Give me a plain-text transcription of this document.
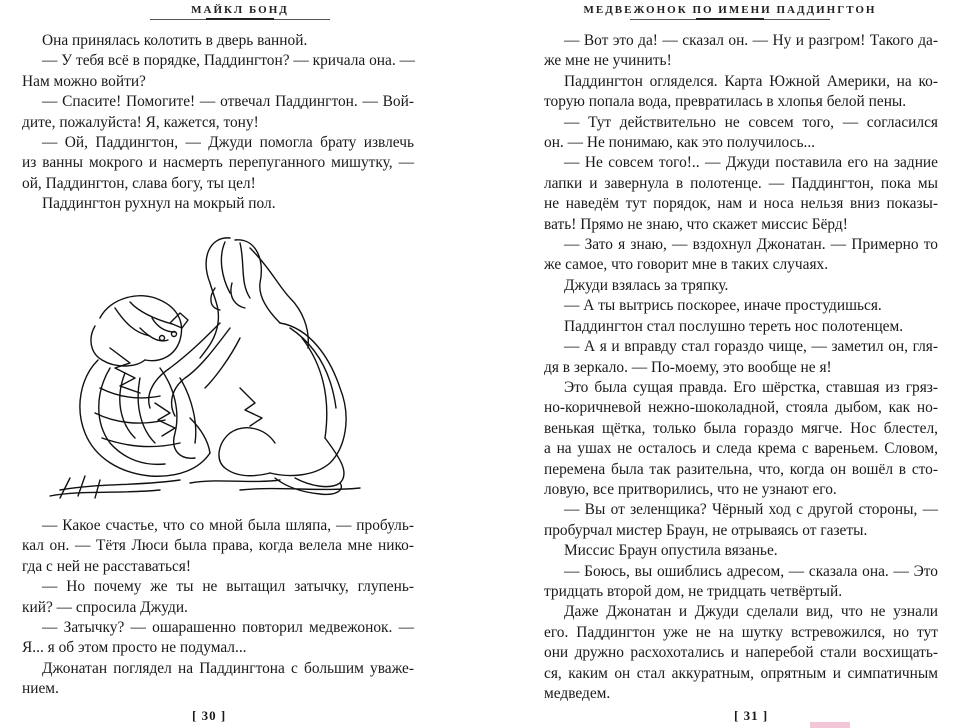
МАЙКЛ БОНД
Она принялась колотить в дверь ванной.
— У тебя всё в порядке, Паддингтон? — кричала она. —
Нам можно войти?
— Спасите! Помогите! — отвечал Паддингтон. — Вой-
дите, пожалуйста! Я, кажется, тону!
— Ой, Паддингтон, — Джуди помогла брату извлечь
из ванны мокрого и насмерть перепуганного мишутку, —
ой, Паддингтон, слава богу, ты цел!
Паддингтон рухнул на мокрый пол.
— Какое счастье, что со мной была шляпа, — пробуль-
кал он. — Тётя Люси была права, когда велела мне нико-
гда с ней не расставаться!
— Но почему же ты не вытащил затычку, глупень-
кий? — спросила Джуди.
— Затычку? — ошарашенно повторил медвежонок. —
Я... я об этом просто не подумал...
Джонатан поглядел на Паддингтона с большим уваже-
нием.
[ 30 ]
МЕДВЕЖОНОК ПО ИМЕНИ ПАДДИНГТОН
— Вот это да! — сказал он. — Ну и разгром! Такого да-
же мне не учинить!
Паддингтон огляделся. Карта Южной Америки, на ко-
торую попала вода, превратилась в хлопья белой пены.
— Тут действительно не совсем того, — согласился
он. — Не понимаю, как это получилось...
— Не совсем того!.. — Джуди поставила его на задние
лапки и завернула в полотенце. — Паддингтон, пока мы
не наведём тут порядок, нам и носа нельзя вниз показы-
вать! Прямо не знаю, что скажет миссис Бёрд!
— Зато я знаю, — вздохнул Джонатан. — Примерно то
же самое, что говорит мне в таких случаях.
Джуди взялась за тряпку.
— А ты вытрись поскорее, иначе простудишься.
Паддингтон стал послушно тереть нос полотенцем.
— А я и вправду стал гораздо чище, — заметил он, гля-
дя в зеркало. — По-моему, это вообще не я!
Это была сущая правда. Его шёрстка, ставшая из гряз-
но-коричневой нежно-шоколадной, стояла дыбом, как но-
венькая щётка, только была гораздо мягче. Нос блестел,
а на ушах не осталось и следа крема с вареньем. Словом,
перемена была так разительна, что, когда он вошёл в сто-
ловую, все притворились, что не узнают его.
— Вы от зеленщика? Чёрный ход с другой стороны, —
пробурчал мистер Браун, не отрываясь от газеты.
Миссис Браун опустила вязанье.
— Боюсь, вы ошиблись адресом, — сказала она. — Это
тридцать второй дом, не тридцать четвёртый.
Даже Джонатан и Джуди сделали вид, что не узнали
его. Паддингтон уже не на шутку встревожился, но тут
они дружно расхохотались и наперебой стали восхищать-
ся, каким он стал аккуратным, опрятным и симпатичным
медведем.
[ 31 ]
